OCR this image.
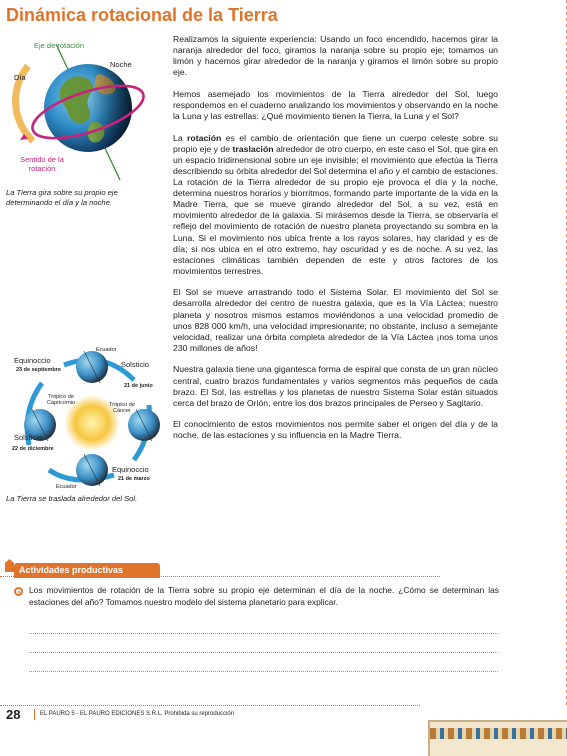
Dinámica rotacional de la Tierra
Eje de rotación
Noche
Día
Sentido de la rotación
La Tierra gira sobre su propio eje determinando el día y la noche.
Equinoccio
23 de septiembre
Solsticio
21 de junio
Solsticio
22 de diciembre
Equinoccio
21 de marzo
Ecuador
Trópico de Capricornio	Trópico de Cáncer
Ecuador
La Tierra se traslada alrededor del Sol.

Realizamos la siguiente experiencia: Usando un foco encendido, hacemos girar la naranja alrededor del foco, giramos la naranja sobre su propio eje; tomamos un limón y hacemos girar alrededor de la naranja y giramos el limón sobre su propio eje.

Hemos asemejado los movimientos de la Tierra alrededor del Sol, luego respondemos en el cuaderno analizando los movimientos y observando en la noche la Luna y las estrellas: ¿Qué movimiento tienen la Tierra, la Luna y el Sol?

La rotación es el cambio de orientación que tiene un cuerpo celeste sobre su propio eje y de traslación alrededor de otro cuerpo, en este caso el Sol, que gira en un espacio tridimensional sobre un eje invisible; el movimiento que efectúa la Tierra describiendo su órbita alrededor del Sol determina el año y el cambio de estaciones. La rotación de la Tierra alrededor de su propio eje provoca el día y la noche, determina nuestros horarios y biorritmos, formando parte importante de la vida en la Madre Tierra, que se mueve girando alrededor del Sol, a su vez, está en movimiento alrededor de la galaxia. Si mirásemos desde la Tierra, se observaría el reflejo del movimiento de rotación de nuestro planeta proyectando su sombra en la Luna. Si el movimiento nos ubica frente a los rayos solares, hay claridad y es de día; si nos ubica en el otro extremo, hay oscuridad y es de noche. A su vez, las estaciones climáticas también dependen de este y otros factores de los movimientos terrestres.

El Sol se mueve arrastrando todo el Sistema Solar. El movimiento del Sol se desarrolla alrededor del centro de nuestra galaxia, que es la Vía Láctea; nuestro planeta y nosotros mismos estamos moviéndonos a una velocidad promedio de unos 828 000 km/h, una velocidad impresionante; no obstante, incluso a semejante velocidad, realizar una órbita completa alrededor de la Vía Láctea ¡nos toma unos 230 millones de años!

Nuestra galaxia tiene una gigantesca forma de espiral que consta de un gran núcleo central, cuatro brazos fundamentales y varios segmentos más pequeños de cada brazo. El Sol, las estrellas y los planetas de nuestro Sistema Solar están situados cerca del brazo de Orión, entre los dos brazos principales de Perseo y Sagitario.

El conocimiento de estos movimientos nos permite saber el origen del día y de la noche, de las estaciones y su influencia en la Madre Tierra.

Actividades productivas
Los movimientos de rotación de la Tierra sobre su propio eje determinan el día de la noche. ¿Cómo se determinan las estaciones del año? Tomamos nuestro modelo del sistema planetario para explicar.
28	EL PAURO 5 - EL PAURO EDICIONES S.R.L. Prohibida su reproducción
